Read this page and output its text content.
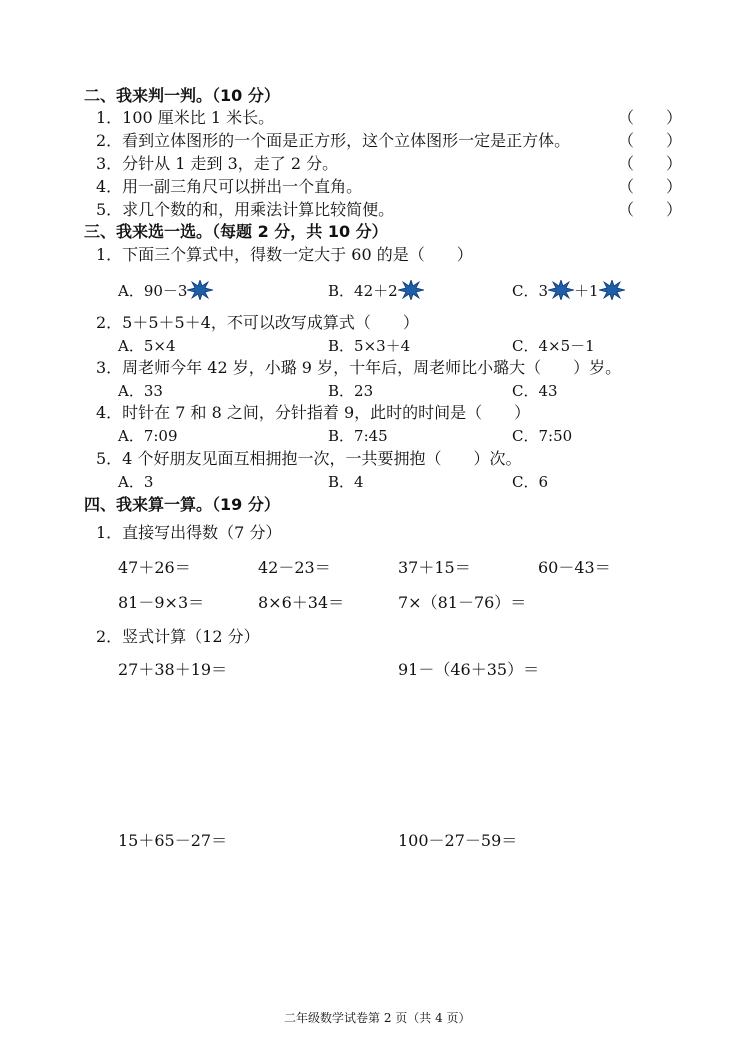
二、我来判一判。（10 分）
1．100 厘米比 1 米长。	（　　）
2．看到立体图形的一个面是正方形，这个立体图形一定是正方体。	（　　）
3．分针从 1 走到 3，走了 2 分。	（　　）
4．用一副三角尺可以拼出一个直角。	（　　）
5．求几个数的和，用乘法计算比较简便。	（　　）
三、我来选一选。（每题 2 分，共 10 分）
1．下面三个算式中，得数一定大于 60 的是（　　）
A．90－3	B．42＋2	C．3 ＋1
2．5＋5＋5＋4，不可以改写成算式（　　）
A．5×4	B．5×3＋4	C．4×5－1
3．周老师今年 42 岁，小璐 9 岁，十年后，周老师比小璐大（　　）岁。
A．33	B．23	C．43
4．时针在 7 和 8 之间，分针指着 9，此时的时间是（　　）
A．7:09	B．7:45	C．7:50
5．4 个好朋友见面互相拥抱一次，一共要拥抱（　　）次。
A．3	B．4	C．6
四、我来算一算。（19 分）
1．直接写出得数（7 分）
47＋26＝	42－23＝	37＋15＝	60－43＝
81－9×3＝	8×6＋34＝	7×（81－76）＝
2．竖式计算（12 分）
27＋38＋19＝	91－（46＋35）＝
15＋65－27＝	100－27－59＝
二年级数学试卷第 2 页（共 4 页）
